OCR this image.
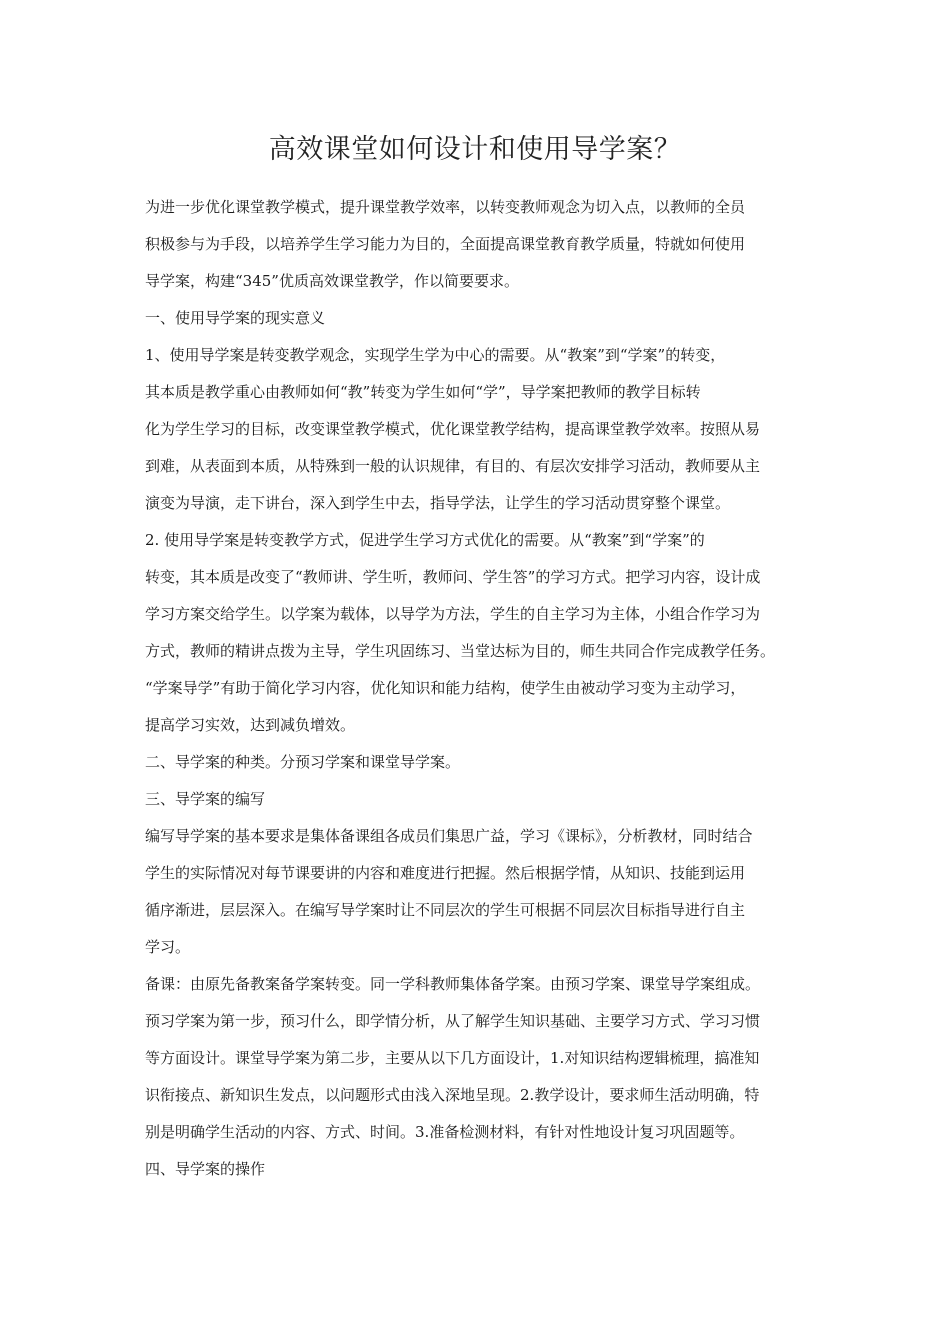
高效课堂如何设计和使用导学案？
为进一步优化课堂教学模式，提升课堂教学效率，以转变教师观念为切入点，以教师的全员
积极参与为手段，以培养学生学习能力为目的，全面提高课堂教育教学质量，特就如何使用
导学案，构建“345”优质高效课堂教学，作以简要要求。
一、使用导学案的现实意义
1、使用导学案是转变教学观念，实现学生学为中心的需要。从“教案”到“学案”的转变，
其本质是教学重心由教师如何“教”转变为学生如何“学”，导学案把教师的教学目标转
化为学生学习的目标，改变课堂教学模式，优化课堂教学结构，提高课堂教学效率。按照从易
到难，从表面到本质，从特殊到一般的认识规律，有目的、有层次安排学习活动，教师要从主
演变为导演，走下讲台，深入到学生中去，指导学法，让学生的学习活动贯穿整个课堂。
2. 使用导学案是转变教学方式，促进学生学习方式优化的需要。从“教案”到“学案”的
转变，其本质是改变了“教师讲、学生听，教师问、学生答”的学习方式。把学习内容，设计成
学习方案交给学生。以学案为载体，以导学为方法，学生的自主学习为主体，小组合作学习为
方式，教师的精讲点拨为主导，学生巩固练习、当堂达标为目的，师生共同合作完成教学任务。
“学案导学”有助于简化学习内容，优化知识和能力结构，使学生由被动学习变为主动学习，
提高学习实效，达到减负增效。
二、导学案的种类。分预习学案和课堂导学案。
三、导学案的编写
编写导学案的基本要求是集体备课组各成员们集思广益，学习《课标》，分析教材，同时结合
学生的实际情况对每节课要讲的内容和难度进行把握。然后根据学情，从知识、技能到运用
循序渐进，层层深入。在编写导学案时让不同层次的学生可根据不同层次目标指导进行自主
学习。
备课：由原先备教案备学案转变。同一学科教师集体备学案。由预习学案、课堂导学案组成。
预习学案为第一步，预习什么，即学情分析，从了解学生知识基础、主要学习方式、学习习惯
等方面设计。课堂导学案为第二步，主要从以下几方面设计，1.对知识结构逻辑梳理，搞准知
识衔接点、新知识生发点，以问题形式由浅入深地呈现。2.教学设计，要求师生活动明确，特
别是明确学生活动的内容、方式、时间。3.准备检测材料，有针对性地设计复习巩固题等。
四、导学案的操作
